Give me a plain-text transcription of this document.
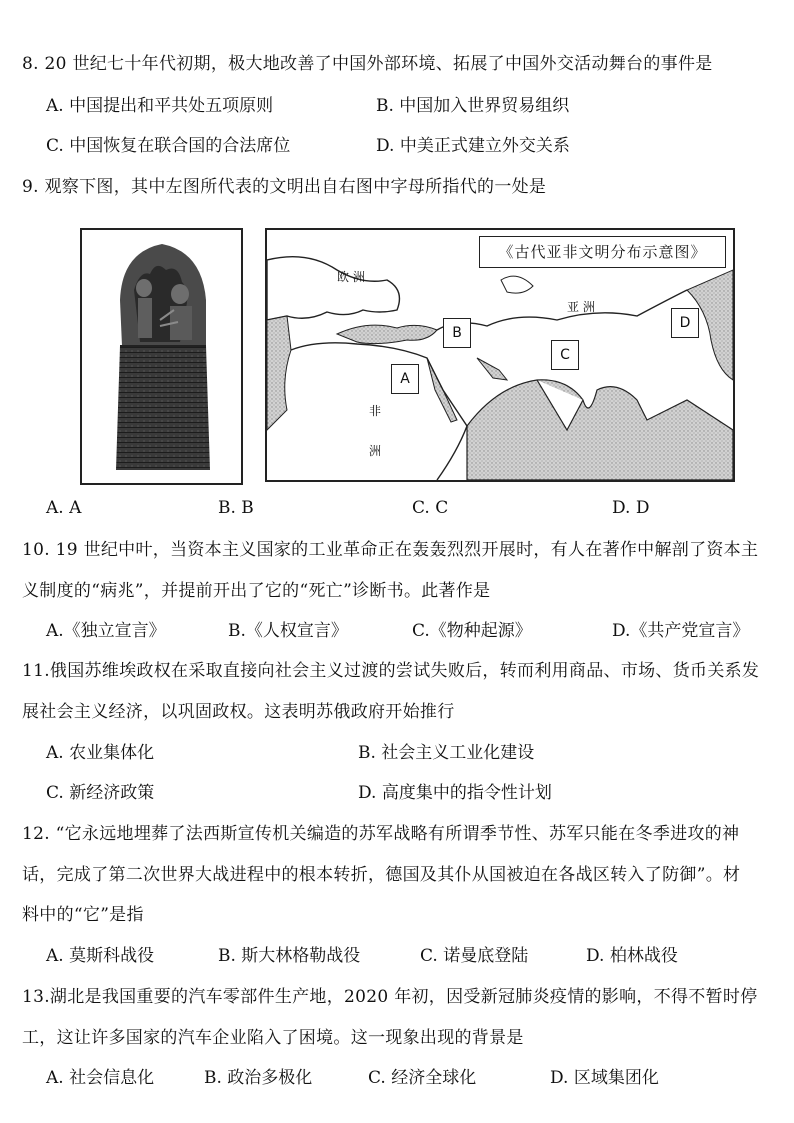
8. 20 世纪七十年代初期，极大地改善了中国外部环境、拓展了中国外交活动舞台的事件是
A. 中国提出和平共处五项原则	B. 中国加入世界贸易组织
C. 中国恢复在联合国的合法席位	D. 中美正式建立外交关系
9. 观察下图，其中左图所代表的文明出自右图中字母所指代的一处是
《古代亚非文明分布示意图》
欧 洲
亚 洲
非
洲
A
B
C
D
A. A	B. B	C. C	D. D
10. 19 世纪中叶，当资本主义国家的工业革命正在轰轰烈烈开展时，有人在著作中解剖了资本主
义制度的“病兆”，并提前开出了它的“死亡”诊断书。此著作是
A.《独立宣言》	B.《人权宣言》	C.《物种起源》	D.《共产党宣言》
11.俄国苏维埃政权在采取直接向社会主义过渡的尝试失败后，转而利用商品、市场、货币关系发
展社会主义经济，以巩固政权。这表明苏俄政府开始推行
A. 农业集体化	B. 社会主义工业化建设
C. 新经济政策	D. 高度集中的指令性计划
12. “它永远地埋葬了法西斯宣传机关编造的苏军战略有所谓季节性、苏军只能在冬季进攻的神
话，完成了第二次世界大战进程中的根本转折，德国及其仆从国被迫在各战区转入了防御”。材
料中的“它”是指
A. 莫斯科战役	B. 斯大林格勒战役	C. 诺曼底登陆	D. 柏林战役
13.湖北是我国重要的汽车零部件生产地，2020 年初，因受新冠肺炎疫情的影响，不得不暂时停
工，这让许多国家的汽车企业陷入了困境。这一现象出现的背景是
A. 社会信息化	B. 政治多极化	C. 经济全球化	D. 区域集团化
